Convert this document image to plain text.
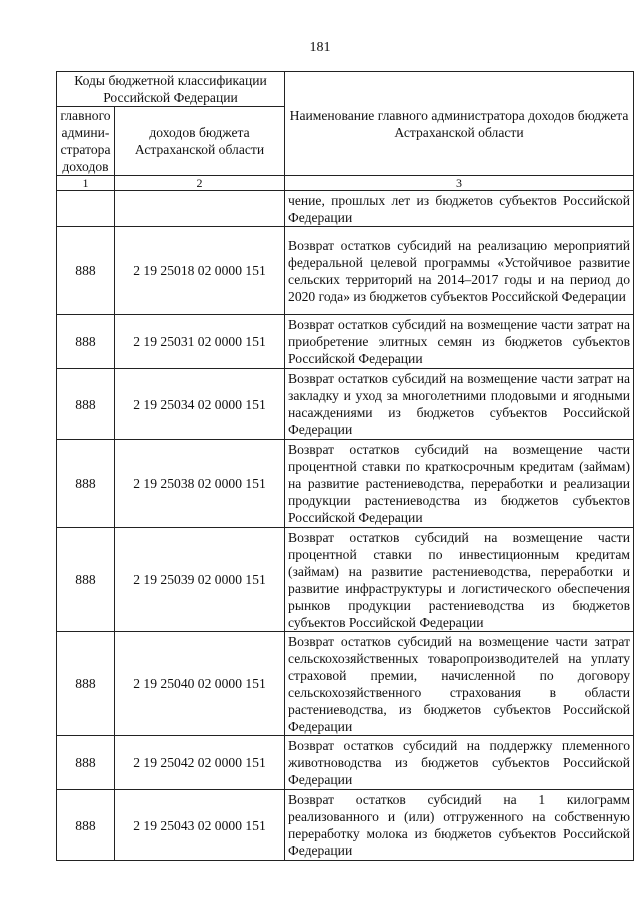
181
Коды бюджетной классификации Российской Федерации		Наименование главного администратора доходов бюджета Астраханской области
главного админи-стратора доходов	доходов бюджета Астраханской области	
1	2	3
		чение, прошлых лет из бюджетов субъектов Российской Федерации
888	2 19 25018 02 0000 151	Возврат остатков субсидий на реализацию мероприятий федеральной целевой программы «Устойчивое развитие сельских территорий на 2014–2017 годы и на период до 2020 года» из бюджетов субъектов Российской Федерации
888	2 19 25031 02 0000 151	Возврат остатков субсидий на возмещение части затрат на приобретение элитных семян из бюджетов субъектов Российской Федерации
888	2 19 25034 02 0000 151	Возврат остатков субсидий на возмещение части затрат на закладку и уход за многолетними плодовыми и ягодными насаждениями из бюджетов субъектов Российской Федерации
888	2 19 25038 02 0000 151	Возврат остатков субсидий на возмещение части процентной ставки по краткосрочным кредитам (займам) на развитие растениеводства, переработки и реализации продукции растениеводства из бюджетов субъектов Российской Федерации
888	2 19 25039 02 0000 151	Возврат остатков субсидий на возмещение части процентной ставки по инвестиционным кредитам (займам) на развитие растениеводства, переработки и развитие инфраструктуры и логистического обеспечения рынков продукции растениеводства из бюджетов субъектов Российской Федерации
888	2 19 25040 02 0000 151	Возврат остатков субсидий на возмещение части затрат сельскохозяйственных товаропроизводителей на уплату страховой премии, начисленной по договору сельскохозяйственного страхования в области растениеводства, из бюджетов субъектов Российской Федерации
888	2 19 25042 02 0000 151	Возврат остатков субсидий на поддержку племенного животноводства из бюджетов субъектов Российской Федерации
888	2 19 25043 02 0000 151	Возврат остатков субсидий на 1 килограмм реализованного и (или) отгруженного на собственную переработку молока из бюджетов субъектов Российской Федерации
